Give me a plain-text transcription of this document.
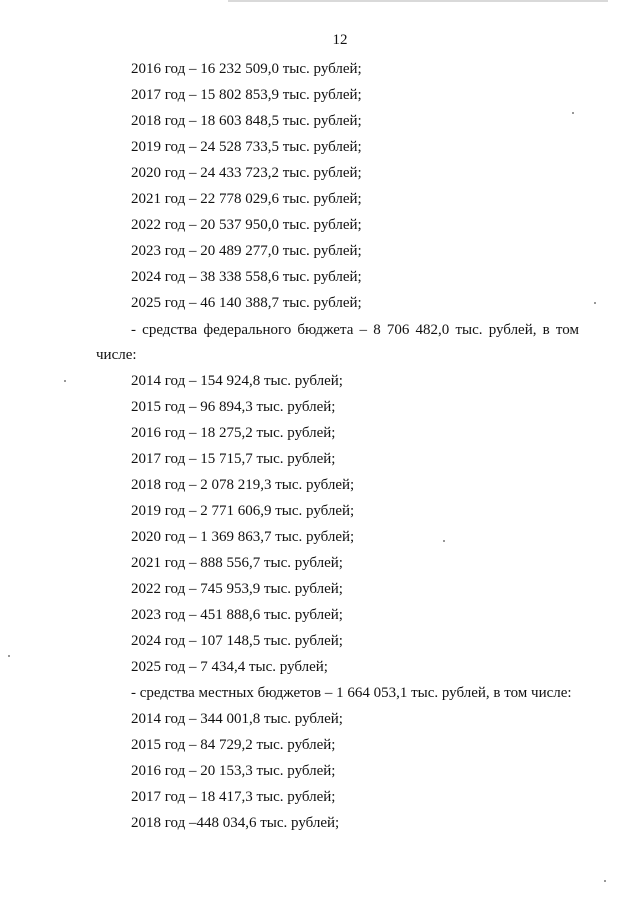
12
2016 год – 16 232 509,0 тыс. рублей;
2017 год – 15 802 853,9 тыс. рублей;
2018 год – 18 603 848,5 тыс. рублей;
2019 год – 24 528 733,5 тыс. рублей;
2020 год – 24 433 723,2 тыс. рублей;
2021 год – 22 778 029,6 тыс. рублей;
2022 год – 20 537 950,0 тыс. рублей;
2023 год – 20 489 277,0 тыс. рублей;
2024 год – 38 338 558,6 тыс. рублей;
2025 год – 46 140 388,7 тыс. рублей;
- средства федерального бюджета – 8 706 482,0 тыс. рублей, в том
числе:
2014 год – 154 924,8 тыс. рублей;
2015 год – 96 894,3 тыс. рублей;
2016 год – 18 275,2 тыс. рублей;
2017 год – 15 715,7 тыс. рублей;
2018 год – 2 078 219,3 тыс. рублей;
2019 год – 2 771 606,9 тыс. рублей;
2020 год – 1 369 863,7 тыс. рублей;
2021 год – 888 556,7 тыс. рублей;
2022 год – 745 953,9 тыс. рублей;
2023 год – 451 888,6 тыс. рублей;
2024 год – 107 148,5 тыс. рублей;
2025 год – 7 434,4 тыс. рублей;
- средства местных бюджетов – 1 664 053,1 тыс. рублей, в том числе:
2014 год – 344 001,8 тыс. рублей;
2015 год – 84 729,2 тыс. рублей;
2016 год – 20 153,3 тыс. рублей;
2017 год – 18 417,3 тыс. рублей;
2018 год –448 034,6 тыс. рублей;
